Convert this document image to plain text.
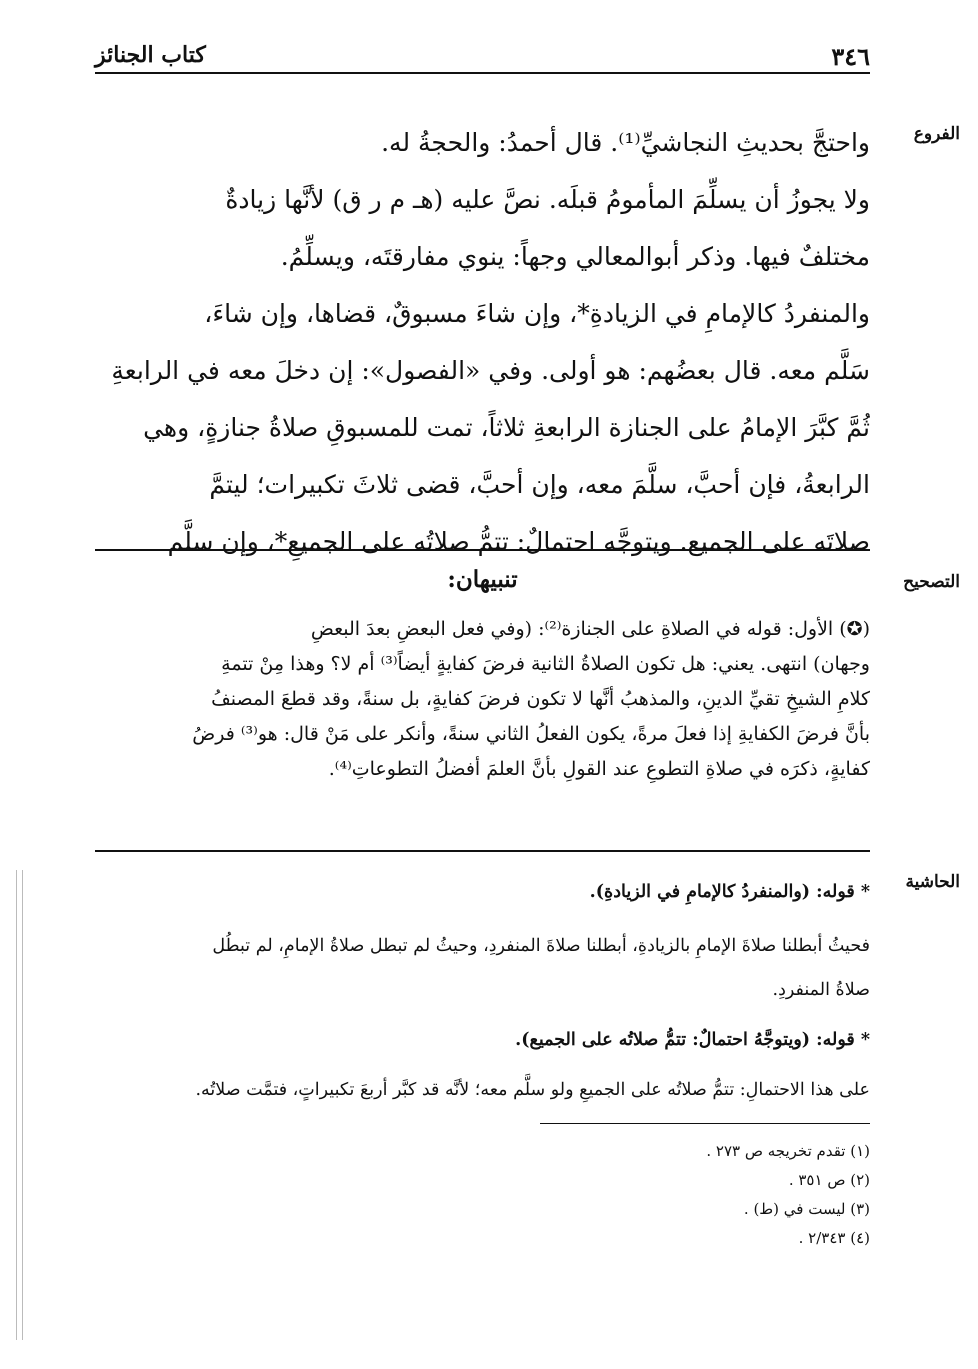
٣٤٦
كتاب الجنائز
الفروع
التصحيح
الحاشية
واحتجَّ بحديثِ النجاشيِّ⁽¹⁾. قال أحمدُ: والحجةُ له.
ولا يجوزُ أن يسلِّمَ المأمومُ قبلَه. نصَّ عليه (هـ م ر ق) لأنَّها زيادةٌ
مختلفٌ فيها. وذكر أبوالمعالي وجهاً: ينوي مفارقتَه، ويسلِّمُ.
والمنفردُ كالإمامِ في الزيادةِ*، وإن شاءَ مسبوقٌ، قضاها، وإن شاءَ،
سَلَّم معه. قال بعضُهم: هو أولى. وفي «الفصول»: إن دخلَ معه في الرابعةِ
ثُمَّ كبَّرَ الإمامُ على الجنازة الرابعةِ ثلاثاً، تمت للمسبوقِ صلاةُ جنازةٍ، وهي
الرابعةُ، فإن أحبَّ، سلَّمَ معه، وإن أحبَّ، قضى ثلاثَ تكبيرات؛ ليتمَّ
صلاتَه على الجميع. ويتوجَّه احتمالٌ: تتمُّ صلاتُه على الجميعِ*، وإن سلَّم
تنبيهان:
(✪) الأول: قوله في الصلاةِ على الجنازة⁽²⁾: (وفي فعل البعضِ بعدَ البعضِ
وجهان) انتهى. يعني: هل تكون الصلاةُ الثانية فرضَ كفايةٍ أيضاً⁽³⁾ أم لا؟ وهذا مِنْ تتمةِ
كلامِ الشيخِ تقيِّ الدينِ، والمذهبُ أنَّها لا تكون فرضَ كفايةٍ، بل سنةً، وقد قطعَ المصنفُ
بأنَّ فرضَ الكفايةِ إذا فعلَ مرةً، يكون الفعلُ الثاني سنةً، وأنكر على مَنْ قال: هو⁽³⁾ فرضُ
كفايةٍ، ذكرَه في صلاةِ التطوعِ عند القولِ بأنَّ العلمَ أفضلُ التطوعاتِ⁽⁴⁾.
* قوله: (والمنفردُ كالإمامِ في الزيادةِ).
فحيثُ أبطلنا صلاةَ الإمامِ بالزيادةِ، أبطلنا صلاةَ المنفردِ، وحيثُ لم تبطل صلاةُ الإمامِ، لم تبطُل
صلاةُ المنفردِ.
* قوله: (ويتوجَّهُ احتمالٌ: تتمُّ صلاتُه على الجميع).
على هذا الاحتمالِ: تتمُّ صلاتُه على الجميعِ ولو سلَّم معه؛ لأنَّه قد كبَّر أربعَ تكبيراتٍ، فتمَّت صلاتُه.
(١) تقدم تخريجه ص ٢٧٣ .
(٢) ص ٣٥١ .
(٣) ليست في (ط) .
(٤) ٢/٣٤٣ .
